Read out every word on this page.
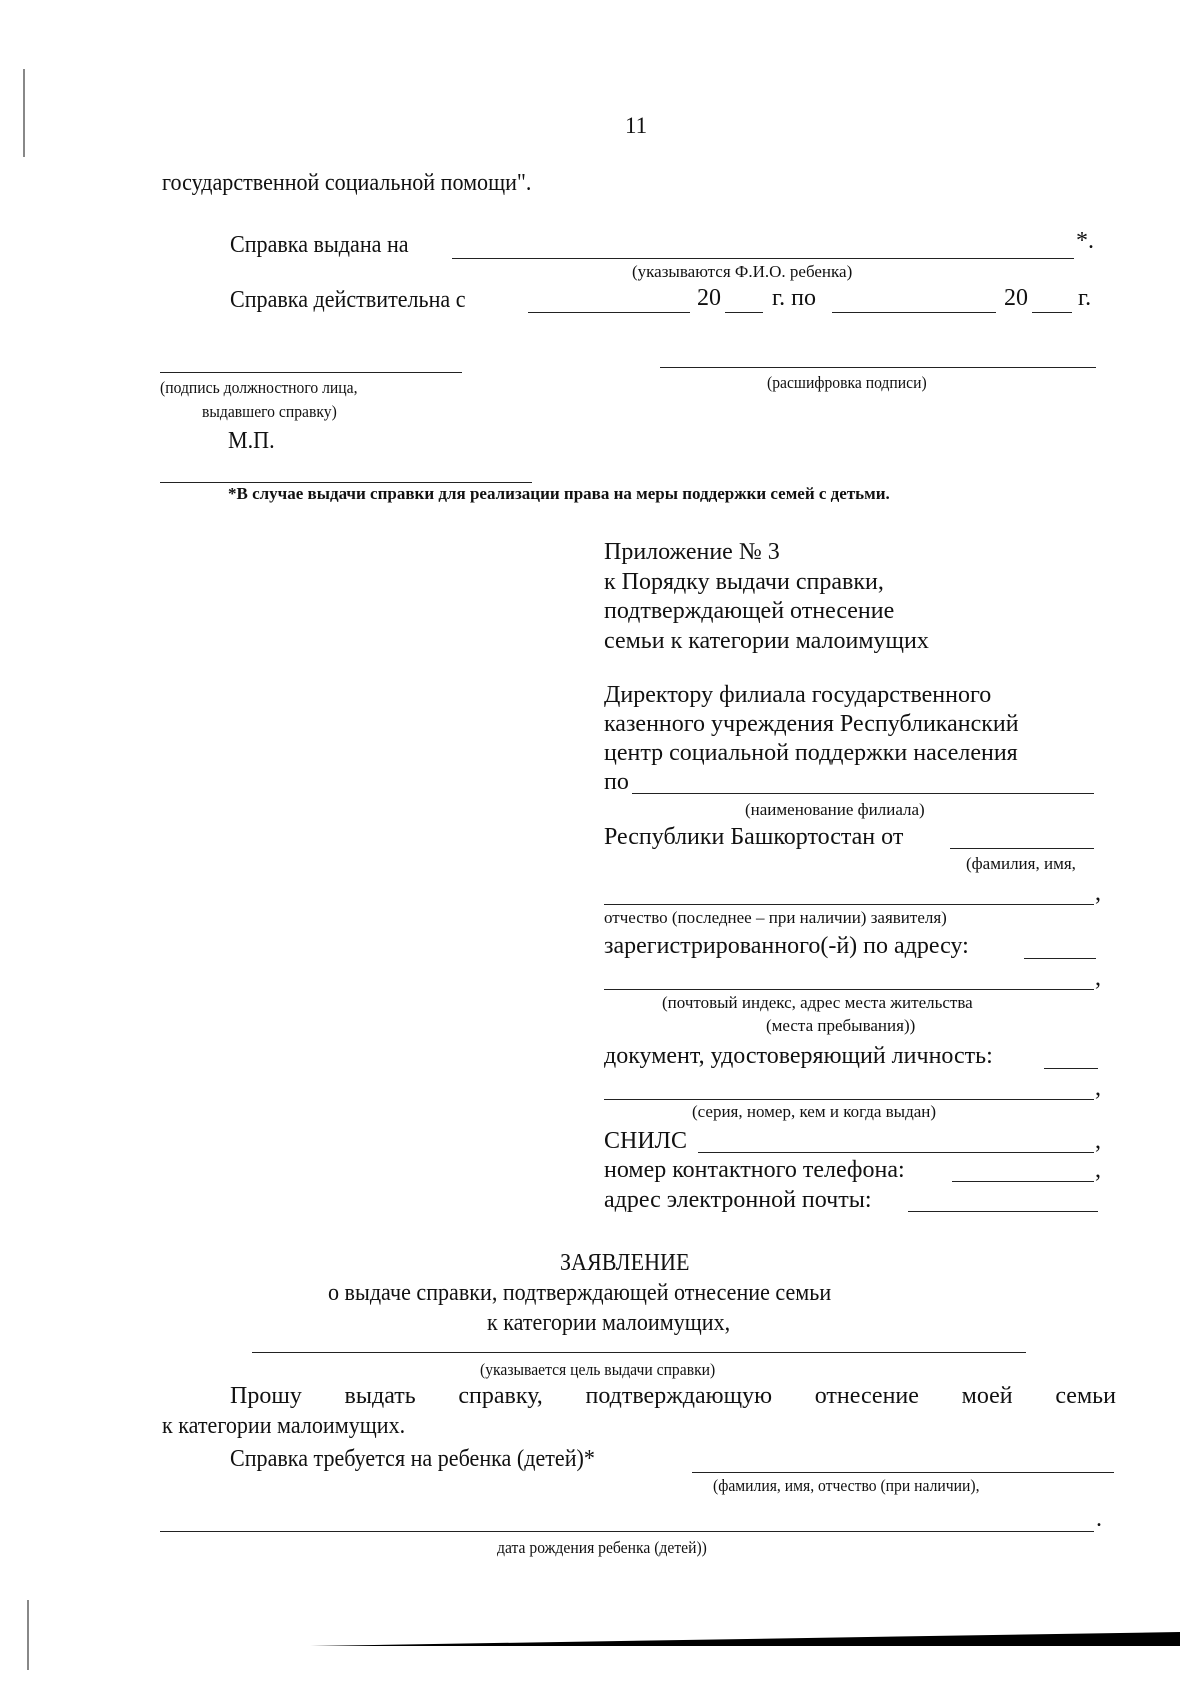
11
государственной социальной помощи".
Справка выдана на	*.
(указываются Ф.И.О. ребенка)
Справка действительна с	20 г. по	20 г.
(подпись должностного лица,
выдавшего справку)
(расшифровка подписи)
М.П.
*В случае выдачи справки для реализации права на меры поддержки семей с детьми.
Приложение № 3
к Порядку выдачи справки,
подтверждающей отнесение
семьи к категории малоимущих
Директору филиала государственного
казенного учреждения Республиканский
центр социальной поддержки населения
по
(наименование филиала)
Республики Башкортостан от
(фамилия, имя,
,
отчество (последнее – при наличии) заявителя)
зарегистрированного(-й) по адресу:
,
(почтовый индекс, адрес места жительства
(места пребывания))
документ, удостоверяющий личность:
,
(серия, номер, кем и когда выдан)
СНИЛС	,
номер контактного телефона:	,
адрес электронной почты:
ЗАЯВЛЕНИЕ
о выдаче справки, подтверждающей отнесение семьи
к категории малоимущих,
(указывается цель выдачи справки)
Прошу выдать справку, подтверждающую отнесение моей семьи
к категории малоимущих.
Справка требуется на ребенка (детей)*
(фамилия, имя, отчество (при наличии),
.
дата рождения ребенка (детей))
